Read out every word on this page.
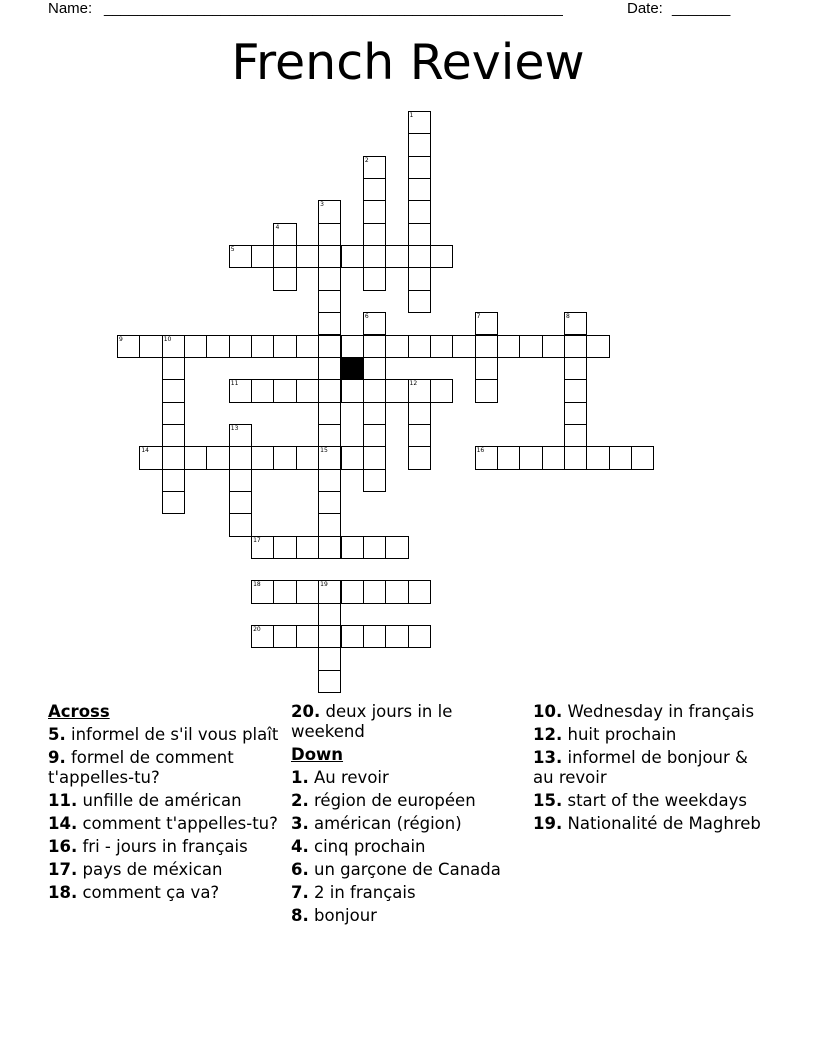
Name: _______________________________________________________	Date: _______
French Review
1
2
3
15
4
5
6	7	8
9	10
11	12
13
14	16
17
18	19
20
Across
5. informel de s'il vous plaît
9. formel de comment t'appelles-tu?
11. unfille de américan
14. comment t'appelles-tu?
16. fri - jours in français
17. pays de méxican
18. comment ça va?
20. deux jours in le weekend
Down
1. Au revoir
2. région de européen
3. américan (région)
4. cinq prochain
6. un garçone de Canada
7. 2 in français
8. bonjour
10. Wednesday in français
12. huit prochain
13. informel de bonjour & au revoir
15. start of the weekdays
19. Nationalité de Maghreb
